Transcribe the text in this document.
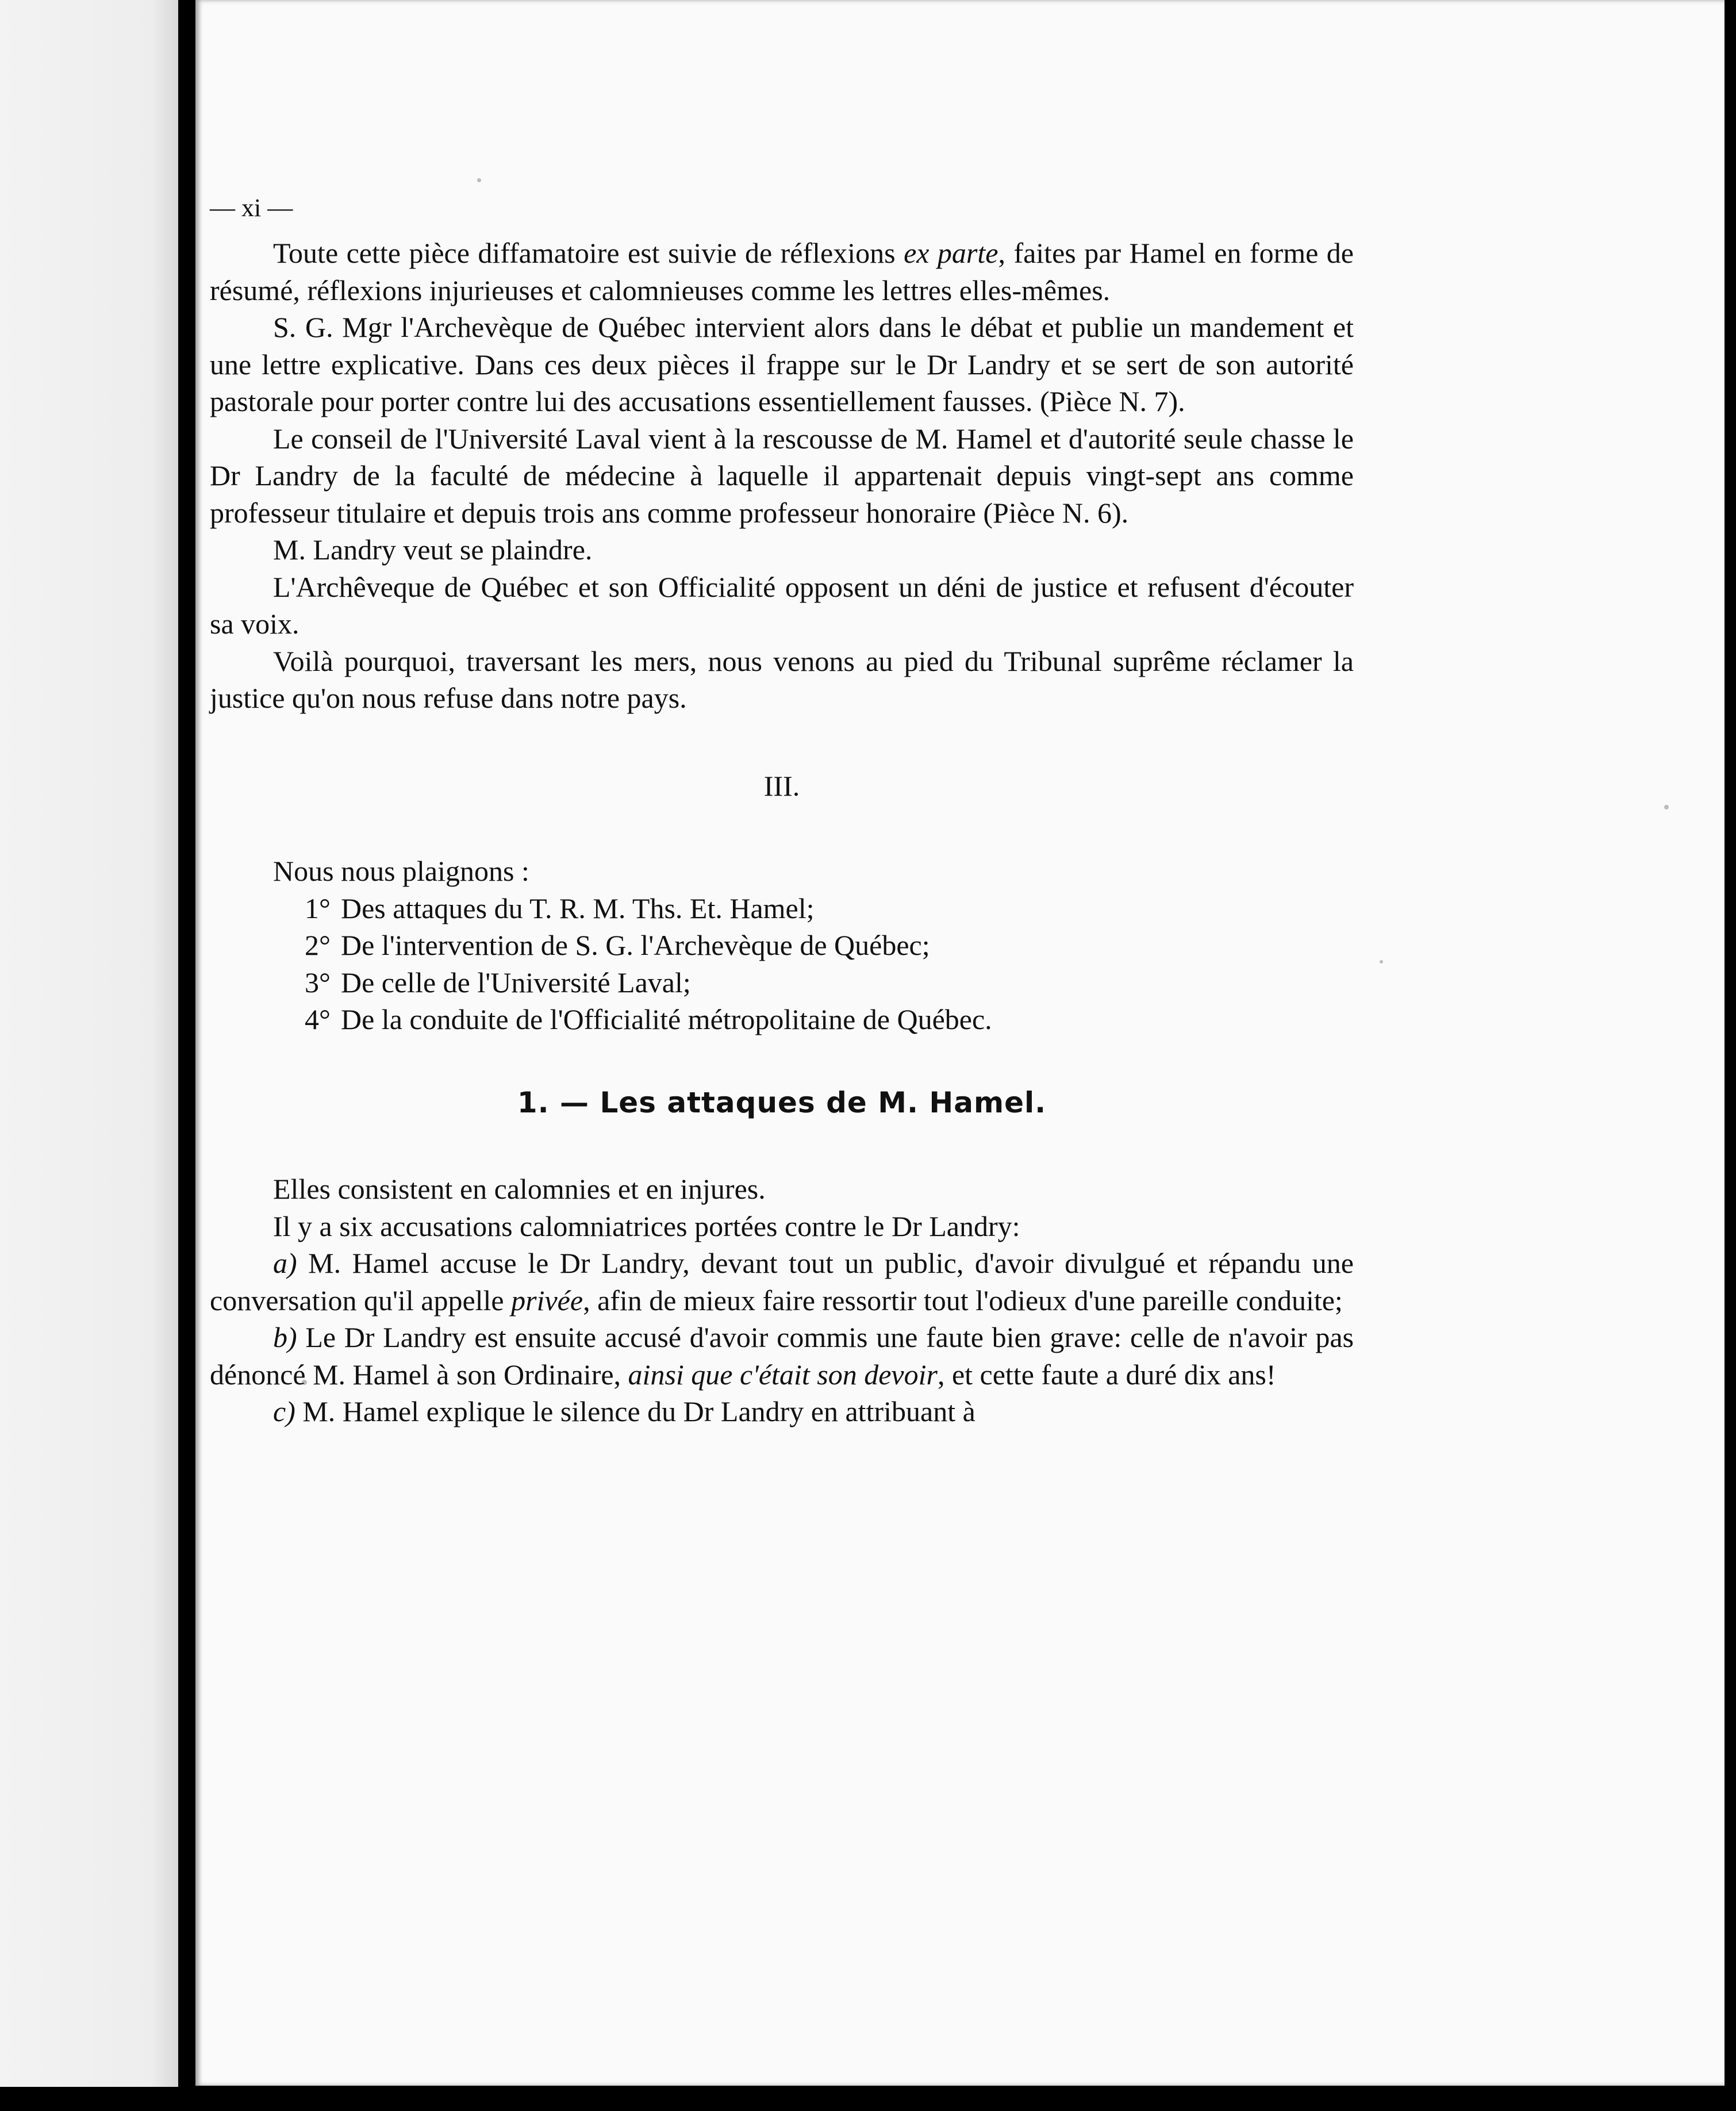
— xi —

Toute cette pièce diffamatoire est suivie de réflexions ex parte, faites par Hamel en forme de résumé, réflexions injurieuses et calomnieuses comme les lettres elles-mêmes.

S. G. Mgr l'Archevèque de Québec intervient alors dans le débat et publie un mandement et une lettre explicative. Dans ces deux pièces il frappe sur le Dr Landry et se sert de son autorité pastorale pour porter contre lui des accusations essentiellement fausses. (Pièce N. 7).

Le conseil de l'Université Laval vient à la rescousse de M. Hamel et d'autorité seule chasse le Dr Landry de la faculté de médecine à laquelle il appartenait depuis vingt-sept ans comme professeur titulaire et depuis trois ans comme professeur honoraire (Pièce N. 6).

M. Landry veut se plaindre.

L'Archêveque de Québec et son Officialité opposent un déni de justice et refusent d'écouter sa voix.

Voilà pourquoi, traversant les mers, nous venons au pied du Tribunal suprême réclamer la justice qu'on nous refuse dans notre pays.

III.

Nous nous plaignons :

1° Des attaques du T. R. M. Ths. Et. Hamel;
2° De l'intervention de S. G. l'Archevèque de Québec;
3° De celle de l'Université Laval;
4° De la conduite de l'Officialité métropolitaine de Québec.

1. — Les attaques de M. Hamel.

Elles consistent en calomnies et en injures.

Il y a six accusations calomniatrices portées contre le Dr Landry:

a) M. Hamel accuse le Dr Landry, devant tout un public, d'avoir divulgué et répandu une conversation qu'il appelle privée, afin de mieux faire ressortir tout l'odieux d'une pareille conduite;

b) Le Dr Landry est ensuite accusé d'avoir commis une faute bien grave: celle de n'avoir pas dénoncé M. Hamel à son Ordinaire, ainsi que c'était son devoir, et cette faute a duré dix ans!

c) M. Hamel explique le silence du Dr Landry en attribuant à
